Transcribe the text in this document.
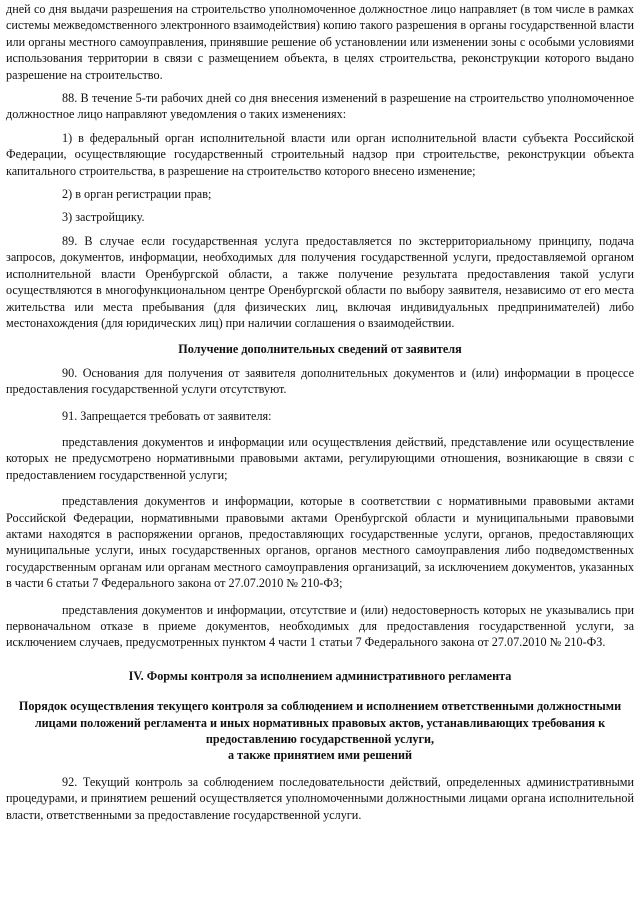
дней со дня выдачи разрешения на строительство уполномоченное должностное лицо направляет (в том числе в рамках системы межведомственного электронного взаимодействия) копию такого разрешения в органы государственной власти или органы местного самоуправления, принявшие решение об установлении или изменении зоны с особыми условиями использования территории в связи с размещением объекта, в целях строительства, реконструкции которого выдано разрешение на строительство.

88. В течение 5-ти рабочих дней со дня внесения изменений в разрешение на строительство уполномоченное должностное лицо направляют уведомления о таких изменениях:

1) в федеральный орган исполнительной власти или орган исполнительной власти субъекта Российской Федерации, осуществляющие государственный строительный надзор при строительстве, реконструкции объекта капитального строительства, в разрешение на строительство которого внесено изменение;

2) в орган регистрации прав;

3) застройщику.

89. В случае если государственная услуга предоставляется по экстерриториальному принципу, подача запросов, документов, информации, необходимых для получения государственной услуги, предоставляемой органом исполнительной власти Оренбургской области, а также получение результата предоставления такой услуги осуществляются в многофункциональном центре Оренбургской области по выбору заявителя, независимо от его места жительства или места пребывания (для физических лиц, включая индивидуальных предпринимателей) либо местонахождения (для юридических лиц) при наличии соглашения о взаимодействии.

Получение дополнительных сведений от заявителя

90. Основания для получения от заявителя дополнительных документов и (или) информации в процессе предоставления государственной услуги отсутствуют.

91. Запрещается требовать от заявителя:

представления документов и информации или осуществления действий, представление или осуществление которых не предусмотрено нормативными правовыми актами, регулирующими отношения, возникающие в связи с предоставлением государственной услуги;

представления документов и информации, которые в соответствии с нормативными правовыми актами Российской Федерации, нормативными правовыми актами Оренбургской области и муниципальными правовыми актами находятся в распоряжении органов, предоставляющих государственные услуги, органов, предоставляющих муниципальные услуги, иных государственных органов, органов местного самоуправления либо подведомственных государственным органам или органам местного самоуправления организаций, за исключением документов, указанных в части 6 статьи 7 Федерального закона от 27.07.2010 № 210-ФЗ;

представления документов и информации, отсутствие и (или) недостоверность которых не указывались при первоначальном отказе в приеме документов, необходимых для предоставления государственной услуги, за исключением случаев, предусмотренных пунктом 4 части 1 статьи 7 Федерального закона от 27.07.2010 № 210-ФЗ.

IV. Формы контроля за исполнением административного регламента

Порядок осуществления текущего контроля за соблюдением и исполнением ответственными должностными лицами положений регламента и иных нормативных правовых актов, устанавливающих требования к предоставлению государственной услуги,

а также принятием ими решений

92. Текущий контроль за соблюдением последовательности действий, определенных административными процедурами, и принятием решений осуществляется уполномоченными должностными лицами органа исполнительной власти, ответственными за предоставление государственной услуги.
